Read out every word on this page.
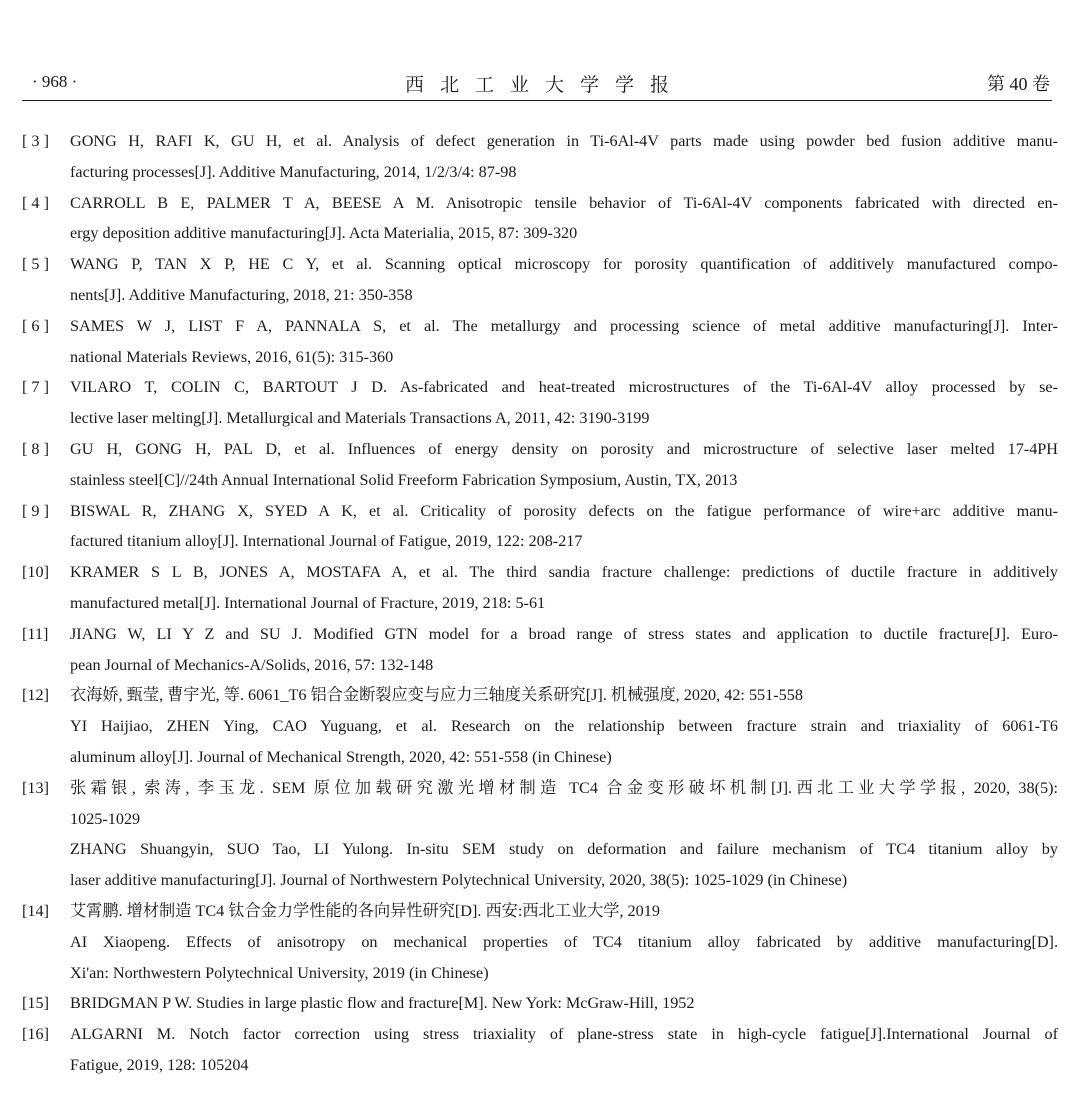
· 968 ·	西北工业大学学报	第 40 卷
[ 3 ] GONG H, RAFI K, GU H, et al. Analysis of defect generation in Ti-6Al-4V parts made using powder bed fusion additive manu-
facturing processes[J]. Additive Manufacturing, 2014, 1/2/3/4: 87-98
[ 4 ] CARROLL B E, PALMER T A, BEESE A M. Anisotropic tensile behavior of Ti-6Al-4V components fabricated with directed en-
ergy deposition additive manufacturing[J]. Acta Materialia, 2015, 87: 309-320
[ 5 ] WANG P, TAN X P, HE C Y, et al. Scanning optical microscopy for porosity quantification of additively manufactured compo-
nents[J]. Additive Manufacturing, 2018, 21: 350-358
[ 6 ] SAMES W J, LIST F A, PANNALA S, et al. The metallurgy and processing science of metal additive manufacturing[J]. Inter-
national Materials Reviews, 2016, 61(5): 315-360
[ 7 ] VILARO T, COLIN C, BARTOUT J D. As-fabricated and heat-treated microstructures of the Ti-6Al-4V alloy processed by se-
lective laser melting[J]. Metallurgical and Materials Transactions A, 2011, 42: 3190-3199
[ 8 ] GU H, GONG H, PAL D, et al. Influences of energy density on porosity and microstructure of selective laser melted 17-4PH
stainless steel[C]//24th Annual International Solid Freeform Fabrication Symposium, Austin, TX, 2013
[ 9 ] BISWAL R, ZHANG X, SYED A K, et al. Criticality of porosity defects on the fatigue performance of wire+arc additive manu-
factured titanium alloy[J]. International Journal of Fatigue, 2019, 122: 208-217
[10] KRAMER S L B, JONES A, MOSTAFA A, et al. The third sandia fracture challenge: predictions of ductile fracture in additively
manufactured metal[J]. International Journal of Fracture, 2019, 218: 5-61
[11] JIANG W, LI Y Z and SU J. Modified GTN model for a broad range of stress states and application to ductile fracture[J]. Euro-
pean Journal of Mechanics-A/Solids, 2016, 57: 132-148
[12] 衣海娇, 甄莹, 曹宇光, 等. 6061_T6 铝合金断裂应变与应力三轴度关系研究[J]. 机械强度, 2020, 42: 551-558
YI Haijiao, ZHEN Ying, CAO Yuguang, et al. Research on the relationship between fracture strain and triaxiality of 6061-T6
aluminum alloy[J]. Journal of Mechanical Strength, 2020, 42: 551-558 (in Chinese)
[13] 张霜银, 索涛, 李玉龙. SEM 原位加载研究激光增材制造 TC4 合金变形破坏机制[J].西北工业大学学报, 2020, 38(5):
1025-1029
ZHANG Shuangyin, SUO Tao, LI Yulong. In-situ SEM study on deformation and failure mechanism of TC4 titanium alloy by
laser additive manufacturing[J]. Journal of Northwestern Polytechnical University, 2020, 38(5): 1025-1029 (in Chinese)
[14] 艾霄鹏. 增材制造 TC4 钛合金力学性能的各向异性研究[D]. 西安:西北工业大学, 2019
AI Xiaopeng. Effects of anisotropy on mechanical properties of TC4 titanium alloy fabricated by additive manufacturing[D].
Xi'an: Northwestern Polytechnical University, 2019 (in Chinese)
[15] BRIDGMAN P W. Studies in large plastic flow and fracture[M]. New York: McGraw-Hill, 1952
[16] ALGARNI M. Notch factor correction using stress triaxiality of plane-stress state in high-cycle fatigue[J].International Journal of
Fatigue, 2019, 128: 105204
